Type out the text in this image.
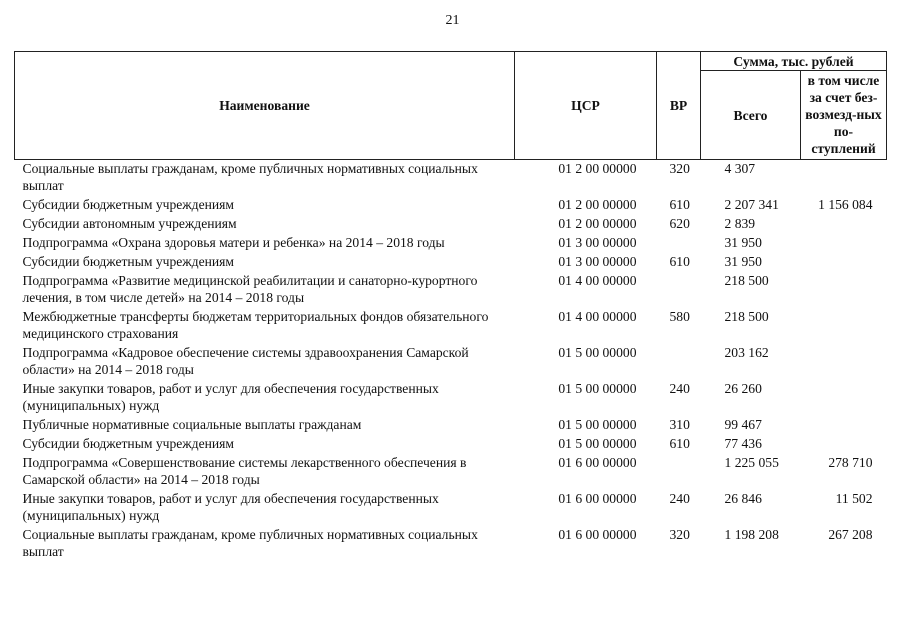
21
Наименование	ЦСР	ВР	Сумма, тыс. рублей	
			Всего	в том числе за счет без-возмезд-ных по-ступлений
Социальные выплаты гражданам, кроме публичных нормативных социальных выплат	01 2 00 00000	320	4 307	
Субсидии бюджетным учреждениям	01 2 00 00000	610	2 207 341	1 156 084
Субсидии автономным учреждениям	01 2 00 00000	620	2 839	
Подпрограмма «Охрана здоровья матери и ребенка» на 2014 – 2018 годы	01 3 00 00000		31 950	
Субсидии бюджетным учреждениям	01 3 00 00000	610	31 950	
Подпрограмма «Развитие медицинской реабилитации и санаторно-курортного лечения, в том числе детей» на 2014 – 2018 годы	01 4 00 00000		218 500	
Межбюджетные трансферты бюджетам территориальных фондов обязательного медицинского страхования	01 4 00 00000	580	218 500	
Подпрограмма «Кадровое обеспечение системы здравоохранения Самарской области» на 2014 – 2018 годы	01 5 00 00000		203 162	
Иные закупки товаров, работ и услуг для обеспечения государственных (муниципальных) нужд	01 5 00 00000	240	26 260	
Публичные нормативные социальные выплаты гражданам	01 5 00 00000	310	99 467	
Субсидии бюджетным учреждениям	01 5 00 00000	610	77 436	
Подпрограмма «Совершенствование системы лекарственного обеспечения в Самарской области» на 2014 – 2018 годы	01 6 00 00000		1 225 055	278 710
Иные закупки товаров, работ и услуг для обеспечения государственных (муниципальных) нужд	01 6 00 00000	240	26 846	11 502
Социальные выплаты гражданам, кроме публичных нормативных социальных выплат	01 6 00 00000	320	1 198 208	267 208
